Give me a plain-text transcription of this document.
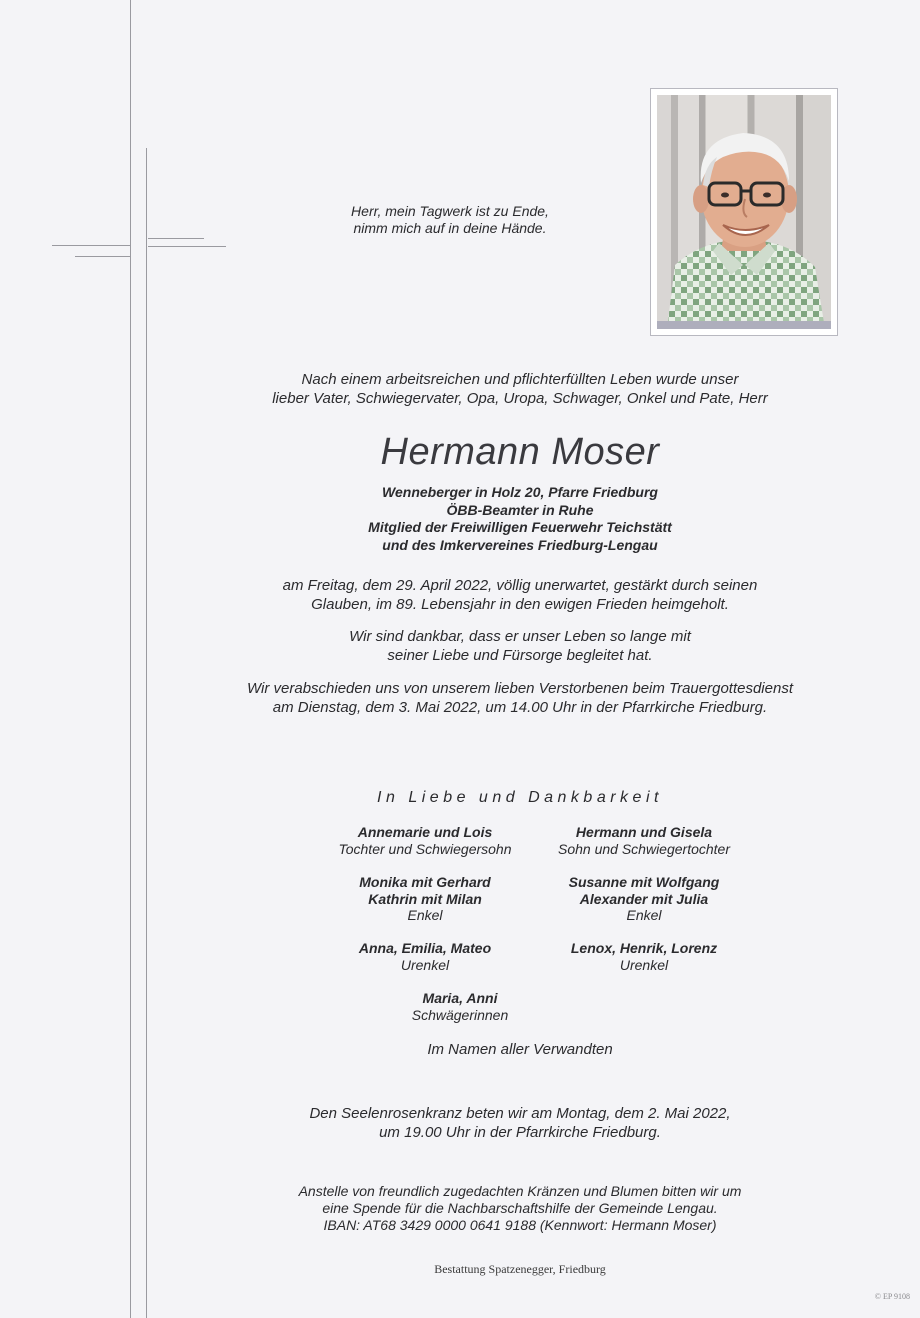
Herr, mein Tagwerk ist zu Ende,
nimm mich auf in deine Hände.
Nach einem arbeitsreichen und pflichterfüllten Leben wurde unser
lieber Vater, Schwiegervater, Opa, Uropa, Schwager, Onkel und Pate, Herr
Hermann Moser
Wenneberger in Holz 20, Pfarre Friedburg
ÖBB-Beamter in Ruhe
Mitglied der Freiwilligen Feuerwehr Teichstätt
und des Imkervereines Friedburg-Lengau
am Freitag, dem 29. April 2022, völlig unerwartet, gestärkt durch seinen
Glauben, im 89. Lebensjahr in den ewigen Frieden heimgeholt.
Wir sind dankbar, dass er unser Leben so lange mit
seiner Liebe und Fürsorge begleitet hat.
Wir verabschieden uns von unserem lieben Verstorbenen beim Trauergottesdienst
am Dienstag, dem 3. Mai 2022, um 14.00 Uhr in der Pfarrkirche Friedburg.
In Liebe und Dankbarkeit
Annemarie und Lois
Tochter und Schwiegersohn
Hermann und Gisela
Sohn und Schwiegertochter
Monika mit Gerhard
Kathrin mit Milan
Enkel
Susanne mit Wolfgang
Alexander mit Julia
Enkel
Anna, Emilia, Mateo
Urenkel
Lenox, Henrik, Lorenz
Urenkel
Maria, Anni
Schwägerinnen
Im Namen aller Verwandten
Den Seelenrosenkranz beten wir am Montag, dem 2. Mai 2022,
um 19.00 Uhr in der Pfarrkirche Friedburg.
Anstelle von freundlich zugedachten Kränzen und Blumen bitten wir um
eine Spende für die Nachbarschaftshilfe der Gemeinde Lengau.
IBAN: AT68 3429 0000 0641 9188 (Kennwort: Hermann Moser)
Bestattung Spatzenegger, Friedburg
© EP 9108
